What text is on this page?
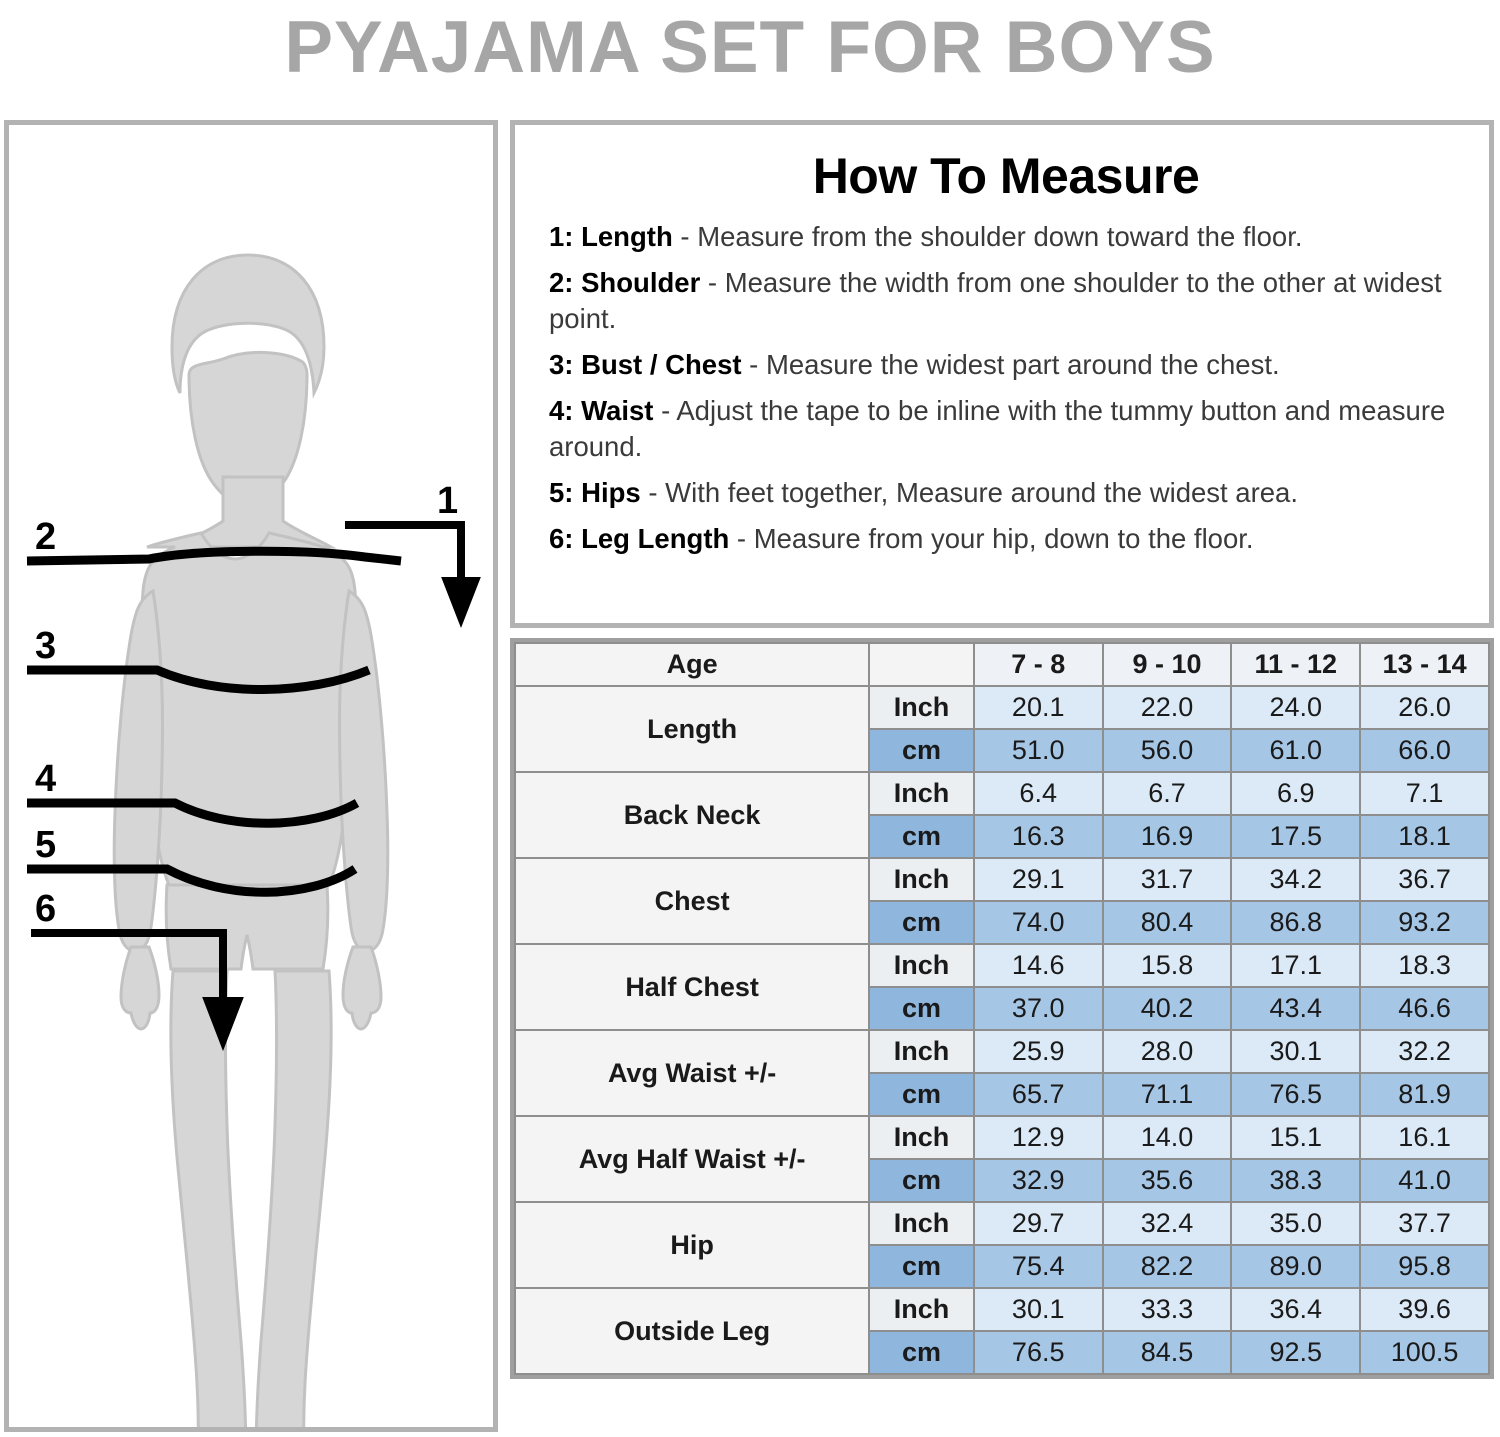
PYAJAMA SET FOR BOYS
1
2
3
4
5
6
How To Measure
1: Length - Measure from the shoulder down toward the floor.
2: Shoulder - Measure the width from one shoulder to the other at widest point.
3: Bust / Chest - Measure the widest part around the chest.
4: Waist - Adjust the tape to be inline with the tummy button and measure around.
5: Hips - With feet together, Measure around the widest area.
6: Leg Length - Measure from your hip, down to the floor.
Age		7 - 8	9 - 10	11 - 12	13 - 14
Length	Inch	20.1	22.0	24.0	26.0
	cm	51.0	56.0	61.0	66.0
Back Neck	Inch	6.4	6.7	6.9	7.1
	cm	16.3	16.9	17.5	18.1
Chest	Inch	29.1	31.7	34.2	36.7
	cm	74.0	80.4	86.8	93.2
Half Chest	Inch	14.6	15.8	17.1	18.3
	cm	37.0	40.2	43.4	46.6
Avg Waist +/-	Inch	25.9	28.0	30.1	32.2
	cm	65.7	71.1	76.5	81.9
Avg Half Waist +/-	Inch	12.9	14.0	15.1	16.1
	cm	32.9	35.6	38.3	41.0
Hip	Inch	29.7	32.4	35.0	37.7
	cm	75.4	82.2	89.0	95.8
Outside Leg	Inch	30.1	33.3	36.4	39.6
	cm	76.5	84.5	92.5	100.5
